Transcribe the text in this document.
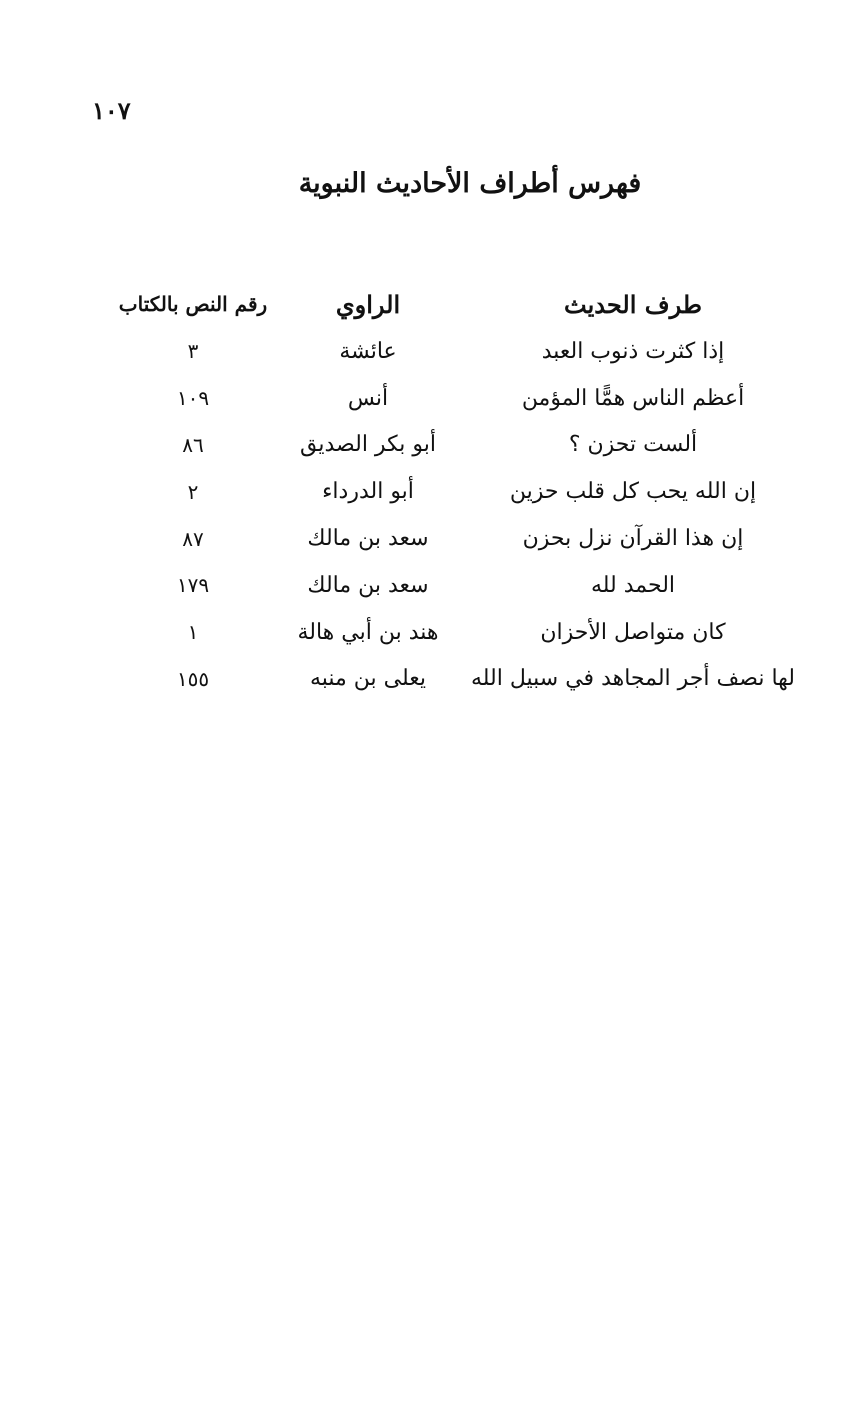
١٠٧
فهرس أطراف الأحاديث النبوية
طرف الحديث
الراوي
رقم النص بالكتاب
إذا كثرت ذنوب العبد
عائشة
٣
أعظم الناس همًّا المؤمن
أنس
١٠٩
ألست تحزن ؟
أبو بكر الصديق
٨٦
إن الله يحب كل قلب حزين
أبو الدرداء
٢
إن هذا القرآن نزل بحزن
سعد بن مالك
٨٧
الحمد لله
سعد بن مالك
١٧٩
كان متواصل الأحزان
هند بن أبي هالة
١
لها نصف أجر المجاهد في سبيل الله
يعلى بن منبه
١٥٥
